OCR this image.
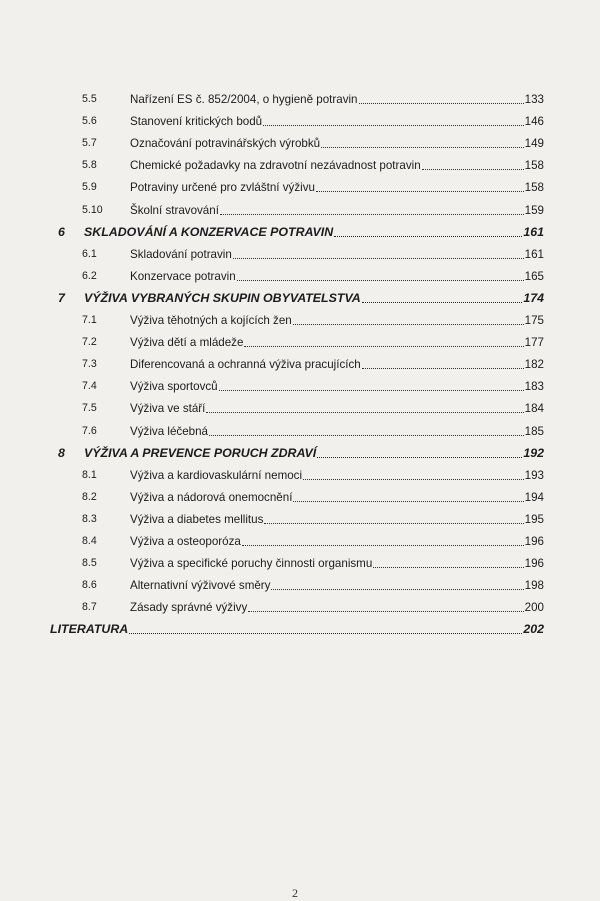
5.5	Nařízení ES č. 852/2004, o hygieně potravin	133
5.6	Stanovení kritických bodů	146
5.7	Označování potravinářských výrobků	149
5.8	Chemické požadavky na zdravotní nezávadnost potravin	158
5.9	Potraviny určené pro zvláštní výživu	158
5.10	Školní stravování	159
6	SKLADOVÁNÍ A KONZERVACE POTRAVIN	161
6.1	Skladování potravin	161
6.2	Konzervace potravin	165
7	VÝŽIVA VYBRANÝCH SKUPIN OBYVATELSTVA	174
7.1	Výživa těhotných a kojících žen	175
7.2	Výživa dětí a mládeže	177
7.3	Diferencovaná a ochranná výživa pracujících	182
7.4	Výživa sportovců	183
7.5	Výživa ve stáří	184
7.6	Výživa léčebná	185
8	VÝŽIVA A PREVENCE PORUCH ZDRAVÍ	192
8.1	Výživa a kardiovaskulární nemoci	193
8.2	Výživa a nádorová onemocnění	194
8.3	Výživa a diabetes mellitus	195
8.4	Výživa a osteoporóza	196
8.5	Výživa a specifické poruchy činnosti organismu	196
8.6	Alternativní výživové směry	198
8.7	Zásady správné výživy	200
LITERATURA	202
2
